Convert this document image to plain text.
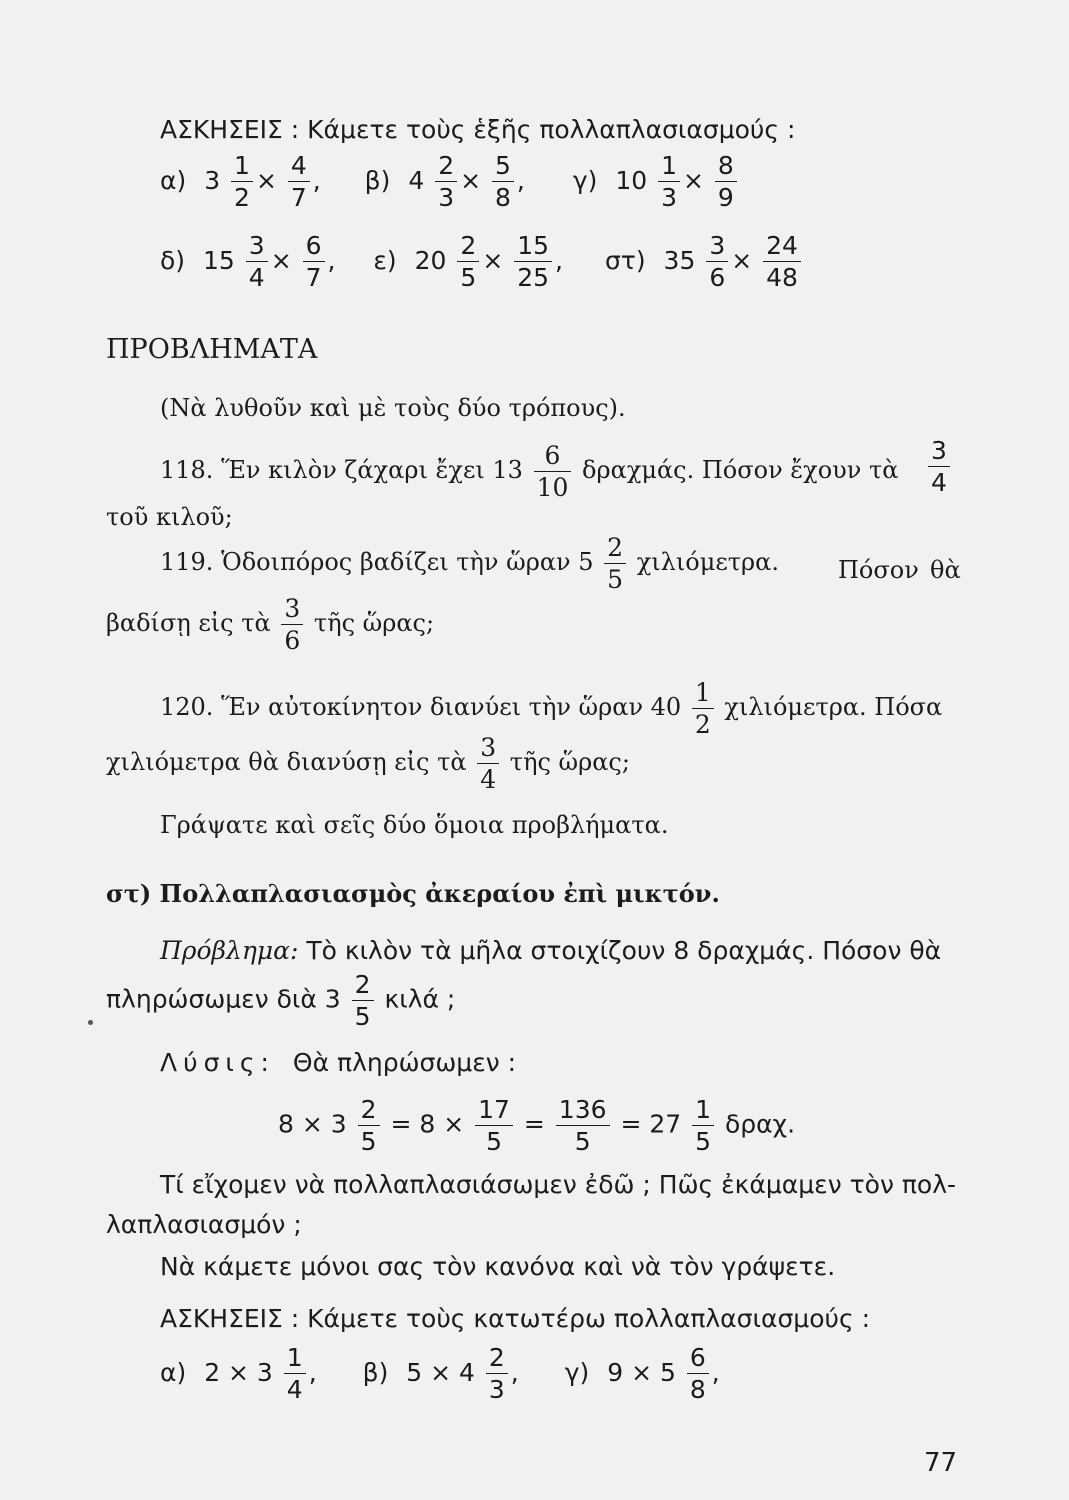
ΑΣΚΗΣΕΙΣ : Κάμετε τοὺς ἑξῆς πολλαπλασιασμούς :
α) $3 \frac{1}{2} \times \frac{4}{7}$ , β) $4 \frac{2}{3} \times \frac{5}{8}$ , γ) $10 \frac{1}{3} \times \frac{8}{9}$
δ) $15 \frac{3}{4} \times \frac{6}{7}$ , ε) $20 \frac{2}{5} \times \frac{15}{25}$ , στ) $35 \frac{3}{6} \times \frac{24}{48}$
ΠΡΟΒΛΗΜΑΤΑ
(Νὰ λυθοῦν καὶ μὲ τοὺς δύο τρόπους).
118. Ἕν κιλὸν ζάχαρι ἔχει $13 \frac{6}{10} \delta\rho\alpha\chi\mu ά\varsigma$. Πόσον ἔχουν τὰ $\frac{3}{4}$
τοῦ κιλοῦ;
119. Ὁδοιπόρος βαδίζει τὴν ὥραν $5 \frac{2}{5} \chi\iota\lambda\iota ό\mu\varepsilon\tau\rho\alpha$. Πόσον θὰ
βαδίσῃ εἰς τὰ $\frac{3}{6}$ τῆς ὥρας;
120. Ἕν αὐτοκίνητον διανύει τὴν ὥραν $40 \frac{1}{2} \chi\iota\lambda\iota ό\mu\varepsilon\tau\rho\alpha$. Πόσα
χιλιόμετρα θὰ διανύσῃ εἰς τὰ $\frac{3}{4}$ τῆς ὥρας;
Γράψατε καὶ σεῖς δύο ὅμοια προβλήματα.
στ) Πολλαπλασιασμὸς ἀκεραίου ἐπὶ μικτόν.
Πρόβλημα: Τὸ κιλὸν τὰ μῆλα στοιχίζουν 8 δραχμάς. Πόσον θὰ
πληρώσωμεν διὰ $3 \frac{2}{5}$ κιλά ;
Λύσις: Θὰ πληρώσωμεν :
$8 \times 3 \frac{2}{5} = 8 \times \frac{17}{5} = \frac{136}{5} = 27 \frac{1}{5} \delta\rho\alpha\chi$.
Τί εἴχομεν νὰ πολλαπλασιάσωμεν ἐδῶ ; Πῶς ἐκάμαμεν τὸν πολ-
λαπλασιασμόν ;
Νὰ κάμετε μόνοι σας τὸν κανόνα καὶ νὰ τὸν γράψετε.
ΑΣΚΗΣΕΙΣ : Κάμετε τοὺς κατωτέρω πολλαπλασιασμούς :
α) $2 \times 3 \frac{1}{4}$ , β) $5 \times 4 \frac{2}{3}$ , γ) $9 \times 5 \frac{6}{8}$ ,
77
